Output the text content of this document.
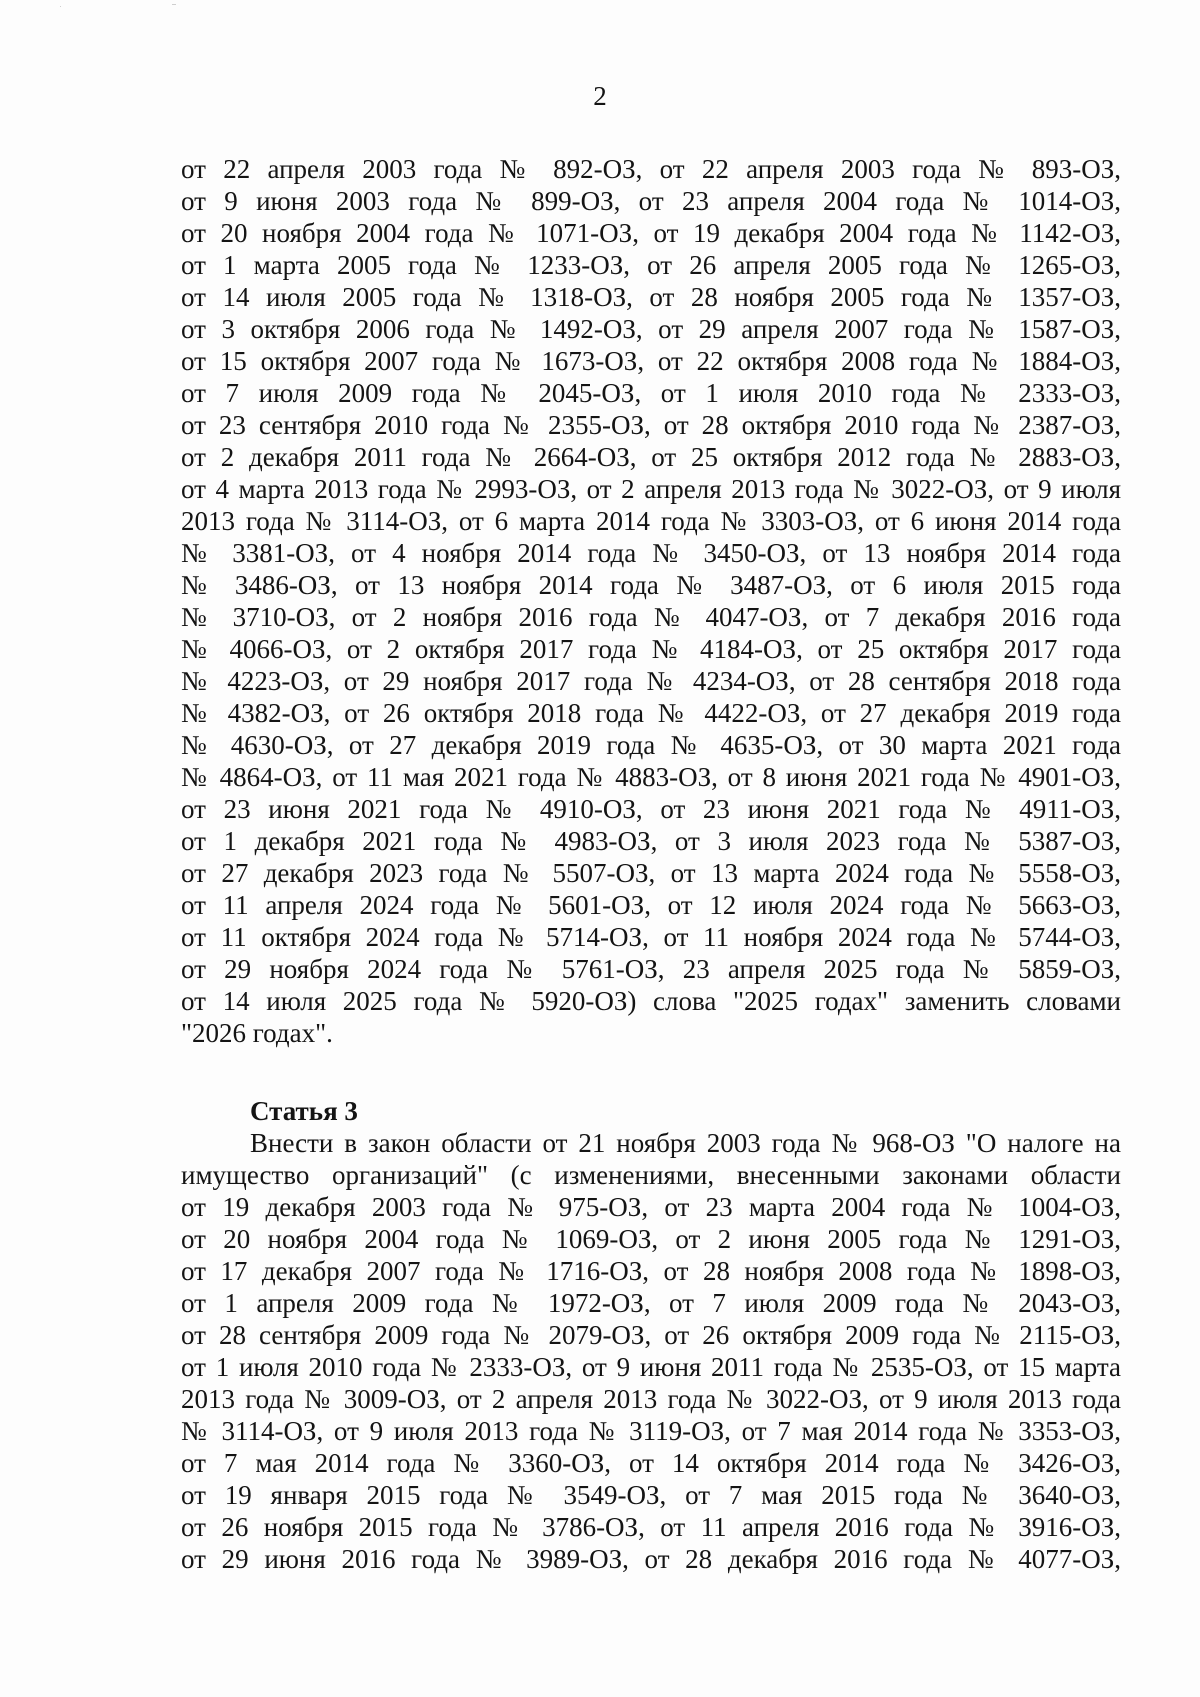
2
от 22 апреля 2003 года № 892-ОЗ, от 22 апреля 2003 года № 893-ОЗ,
от 9 июня 2003 года № 899-ОЗ, от 23 апреля 2004 года № 1014-ОЗ,
от 20 ноября 2004 года № 1071-ОЗ, от 19 декабря 2004 года № 1142-ОЗ,
от 1 марта 2005 года № 1233-ОЗ, от 26 апреля 2005 года № 1265-ОЗ,
от 14 июля 2005 года № 1318-ОЗ, от 28 ноября 2005 года № 1357-ОЗ,
от 3 октября 2006 года № 1492-ОЗ, от 29 апреля 2007 года № 1587-ОЗ,
от 15 октября 2007 года № 1673-ОЗ, от 22 октября 2008 года № 1884-ОЗ,
от 7 июля 2009 года № 2045-ОЗ, от 1 июля 2010 года № 2333-ОЗ,
от 23 сентября 2010 года № 2355-ОЗ, от 28 октября 2010 года № 2387-ОЗ,
от 2 декабря 2011 года № 2664-ОЗ, от 25 октября 2012 года № 2883-ОЗ,
от 4 марта 2013 года № 2993-ОЗ, от 2 апреля 2013 года № 3022-ОЗ, от 9 июля
2013 года № 3114-ОЗ, от 6 марта 2014 года № 3303-ОЗ, от 6 июня 2014 года
№ 3381-ОЗ, от 4 ноября 2014 года № 3450-ОЗ, от 13 ноября 2014 года
№ 3486-ОЗ, от 13 ноября 2014 года № 3487-ОЗ, от 6 июля 2015 года
№ 3710-ОЗ, от 2 ноября 2016 года № 4047-ОЗ, от 7 декабря 2016 года
№ 4066-ОЗ, от 2 октября 2017 года № 4184-ОЗ, от 25 октября 2017 года
№ 4223-ОЗ, от 29 ноября 2017 года № 4234-ОЗ, от 28 сентября 2018 года
№ 4382-ОЗ, от 26 октября 2018 года № 4422-ОЗ, от 27 декабря 2019 года
№ 4630-ОЗ, от 27 декабря 2019 года № 4635-ОЗ, от 30 марта 2021 года
№ 4864-ОЗ, от 11 мая 2021 года № 4883-ОЗ, от 8 июня 2021 года № 4901-ОЗ,
от 23 июня 2021 года № 4910-ОЗ, от 23 июня 2021 года № 4911-ОЗ,
от 1 декабря 2021 года № 4983-ОЗ, от 3 июля 2023 года № 5387-ОЗ,
от 27 декабря 2023 года № 5507-ОЗ, от 13 марта 2024 года № 5558-ОЗ,
от 11 апреля 2024 года № 5601-ОЗ, от 12 июля 2024 года № 5663-ОЗ,
от 11 октября 2024 года № 5714-ОЗ, от 11 ноября 2024 года № 5744-ОЗ,
от 29 ноября 2024 года № 5761-ОЗ, 23 апреля 2025 года № 5859-ОЗ,
от 14 июля 2025 года № 5920-ОЗ) слова "2025 годах" заменить словами
"2026 годах".
Статья 3
Внести в закон области от 21 ноября 2003 года № 968-ОЗ "О налоге на
имущество организаций" (с изменениями, внесенными законами области
от 19 декабря 2003 года № 975-ОЗ, от 23 марта 2004 года № 1004-ОЗ,
от 20 ноября 2004 года № 1069-ОЗ, от 2 июня 2005 года № 1291-ОЗ,
от 17 декабря 2007 года № 1716-ОЗ, от 28 ноября 2008 года № 1898-ОЗ,
от 1 апреля 2009 года № 1972-ОЗ, от 7 июля 2009 года № 2043-ОЗ,
от 28 сентября 2009 года № 2079-ОЗ, от 26 октября 2009 года № 2115-ОЗ,
от 1 июля 2010 года № 2333-ОЗ, от 9 июня 2011 года № 2535-ОЗ, от 15 марта
2013 года № 3009-ОЗ, от 2 апреля 2013 года № 3022-ОЗ, от 9 июля 2013 года
№ 3114-ОЗ, от 9 июля 2013 года № 3119-ОЗ, от 7 мая 2014 года № 3353-ОЗ,
от 7 мая 2014 года № 3360-ОЗ, от 14 октября 2014 года № 3426-ОЗ,
от 19 января 2015 года № 3549-ОЗ, от 7 мая 2015 года № 3640-ОЗ,
от 26 ноября 2015 года № 3786-ОЗ, от 11 апреля 2016 года № 3916-ОЗ,
от 29 июня 2016 года № 3989-ОЗ, от 28 декабря 2016 года № 4077-ОЗ,
